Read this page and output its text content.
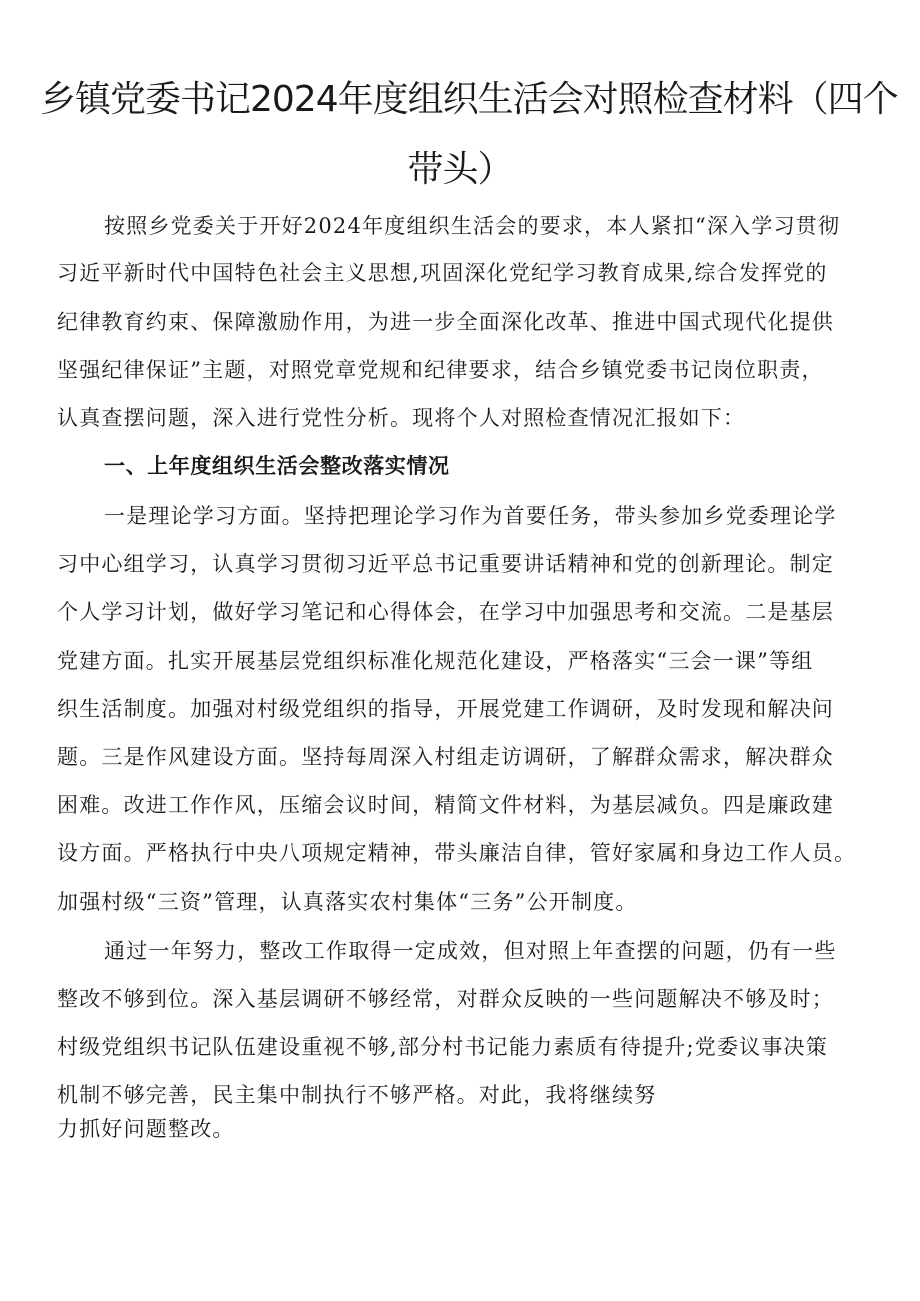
乡镇党委书记2024年度组织生活会对照检查材料（四个
带头）

按照乡党委关于开好2024年度组织生活会的要求，本人紧扣“深入学习贯彻

习近平新时代中国特色社会主义思想,巩固深化党纪学习教育成果,综合发挥党的

纪律教育约束、保障激励作用，为进一步全面深化改革、推进中国式现代化提供

坚强纪律保证”主题，对照党章党规和纪律要求，结合乡镇党委书记岗位职责，

认真查摆问题，深入进行党性分析。现将个人对照检查情况汇报如下：

一、上年度组织生活会整改落实情况

一是理论学习方面。坚持把理论学习作为首要任务，带头参加乡党委理论学

习中心组学习，认真学习贯彻习近平总书记重要讲话精神和党的创新理论。制定

个人学习计划，做好学习笔记和心得体会，在学习中加强思考和交流。二是基层

党建方面。扎实开展基层党组织标准化规范化建设，严格落实“三会一课”等组

织生活制度。加强对村级党组织的指导，开展党建工作调研，及时发现和解决问

题。三是作风建设方面。坚持每周深入村组走访调研，了解群众需求，解决群众

困难。改进工作作风，压缩会议时间，精简文件材料，为基层减负。四是廉政建

设方面。严格执行中央八项规定精神，带头廉洁自律，管好家属和身边工作人员。

加强村级“三资”管理，认真落实农村集体“三务”公开制度。

通过一年努力，整改工作取得一定成效，但对照上年查摆的问题，仍有一些

整改不够到位。深入基层调研不够经常，对群众反映的一些问题解决不够及时；

村级党组织书记队伍建设重视不够,部分村书记能力素质有待提升;党委议事决策

机制不够完善，民主集中制执行不够严格。对此，我将继续努

力抓好问题整改。
